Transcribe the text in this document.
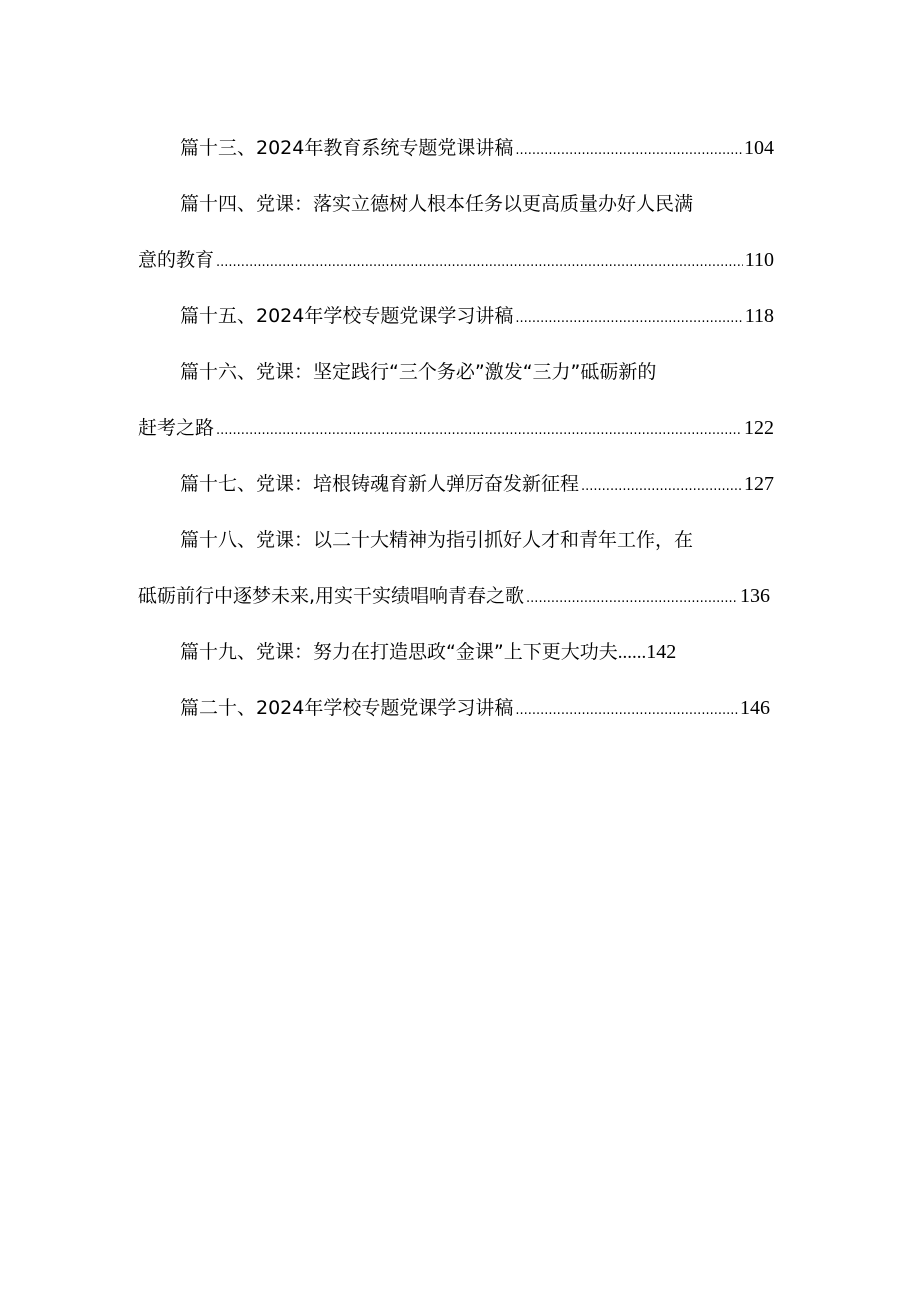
篇十三、2024年教育系统专题党课讲稿 .....	104
篇十四、党课：落实立德树人根本任务以更高质量办好人民满
意的教育 .....	110
篇十五、2024年学校专题党课学习讲稿 .....	118
篇十六、党课：坚定践行“三个务必”激发“三力”砥砺新的
赶考之路 .....	122
篇十七、党课：培根铸魂育新人弹厉奋发新征程 .....	127
篇十八、党课：以二十大精神为指引抓好人才和青年工作，在
砥砺前行中逐梦未来,用实干实绩唱响青春之歌 .....	136
篇十九、党课：努力在打造思政“金课”上下更大功夫......142
篇二十、2024年学校专题党课学习讲稿 .....	146
